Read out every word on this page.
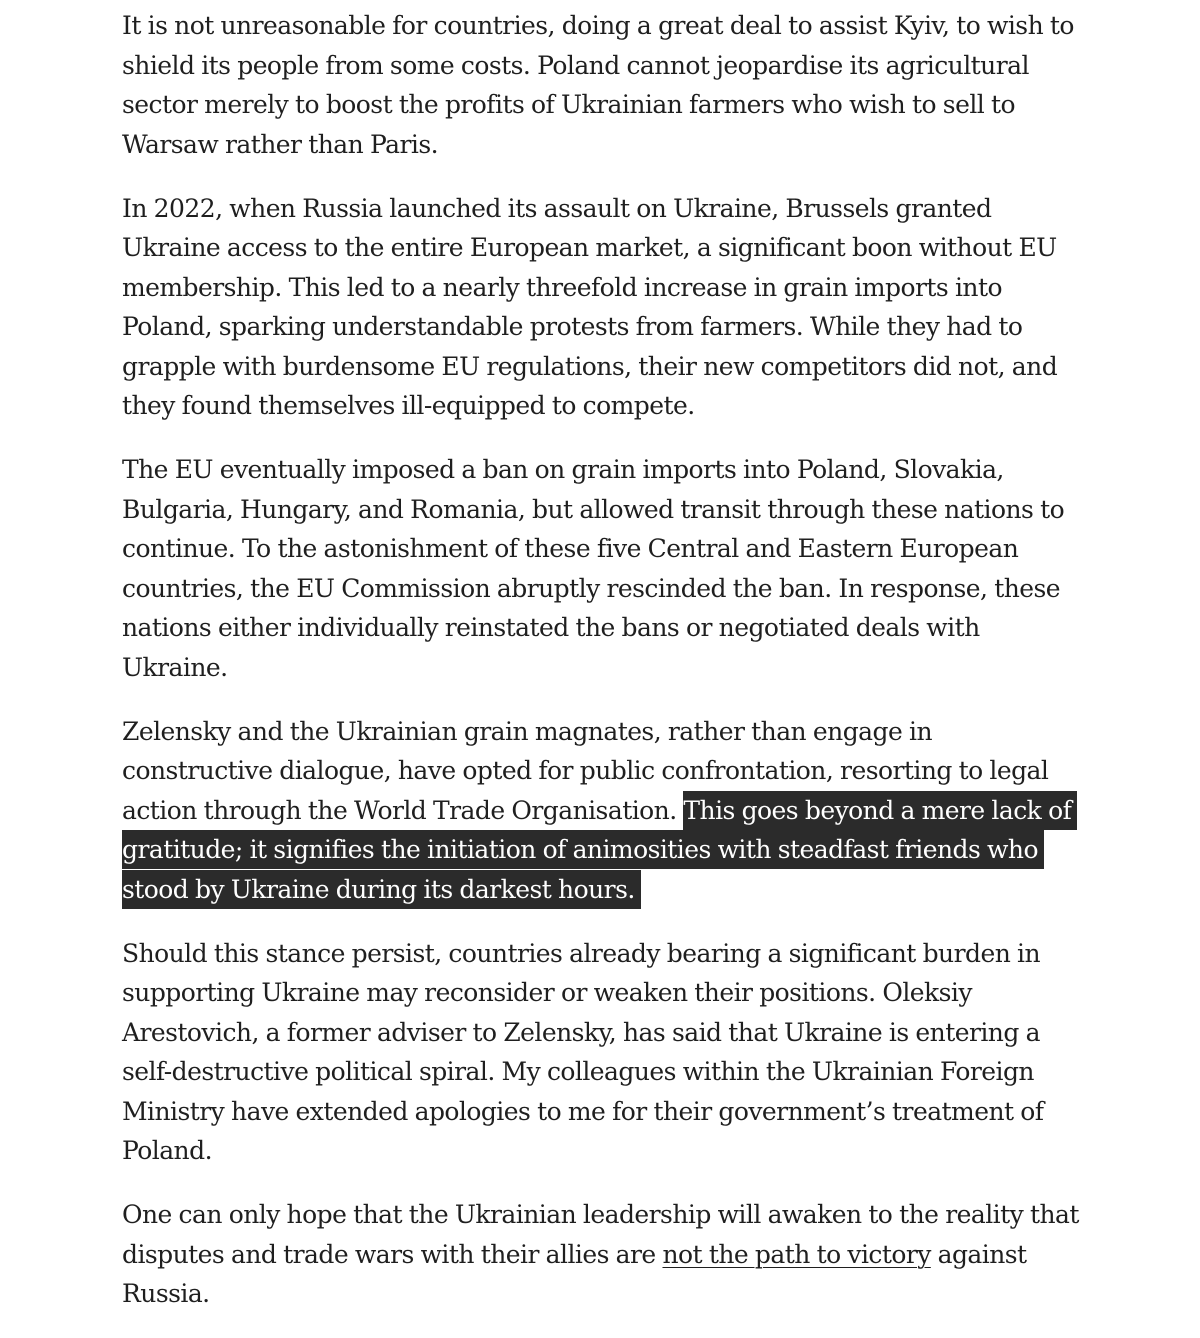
It is not unreasonable for countries, doing a great deal to assist Kyiv, to wish to shield its people from some costs. Poland cannot jeopardise its agricultural sector merely to boost the profits of Ukrainian farmers who wish to sell to Warsaw rather than Paris.

In 2022, when Russia launched its assault on Ukraine, Brussels granted Ukraine access to the entire European market, a significant boon without EU membership. This led to a nearly threefold increase in grain imports into Poland, sparking understandable protests from farmers. While they had to grapple with burdensome EU regulations, their new competitors did not, and they found themselves ill-equipped to compete.

The EU eventually imposed a ban on grain imports into Poland, Slovakia, Bulgaria, Hungary, and Romania, but allowed transit through these nations to continue. To the astonishment of these five Central and Eastern European countries, the EU Commission abruptly rescinded the ban. In response, these nations either individually reinstated the bans or negotiated deals with Ukraine.

Zelensky and the Ukrainian grain magnates, rather than engage in constructive dialogue, have opted for public confrontation, resorting to legal action through the World Trade Organisation. This goes beyond a mere lack of gratitude; it signifies the initiation of animosities with steadfast friends who stood by Ukraine during its darkest hours.

Should this stance persist, countries already bearing a significant burden in supporting Ukraine may reconsider or weaken their positions. Oleksiy Arestovich, a former adviser to Zelensky, has said that Ukraine is entering a self-destructive political spiral. My colleagues within the Ukrainian Foreign Ministry have extended apologies to me for their government’s treatment of Poland.

One can only hope that the Ukrainian leadership will awaken to the reality that disputes and trade wars with their allies are not the path to victory against Russia.
